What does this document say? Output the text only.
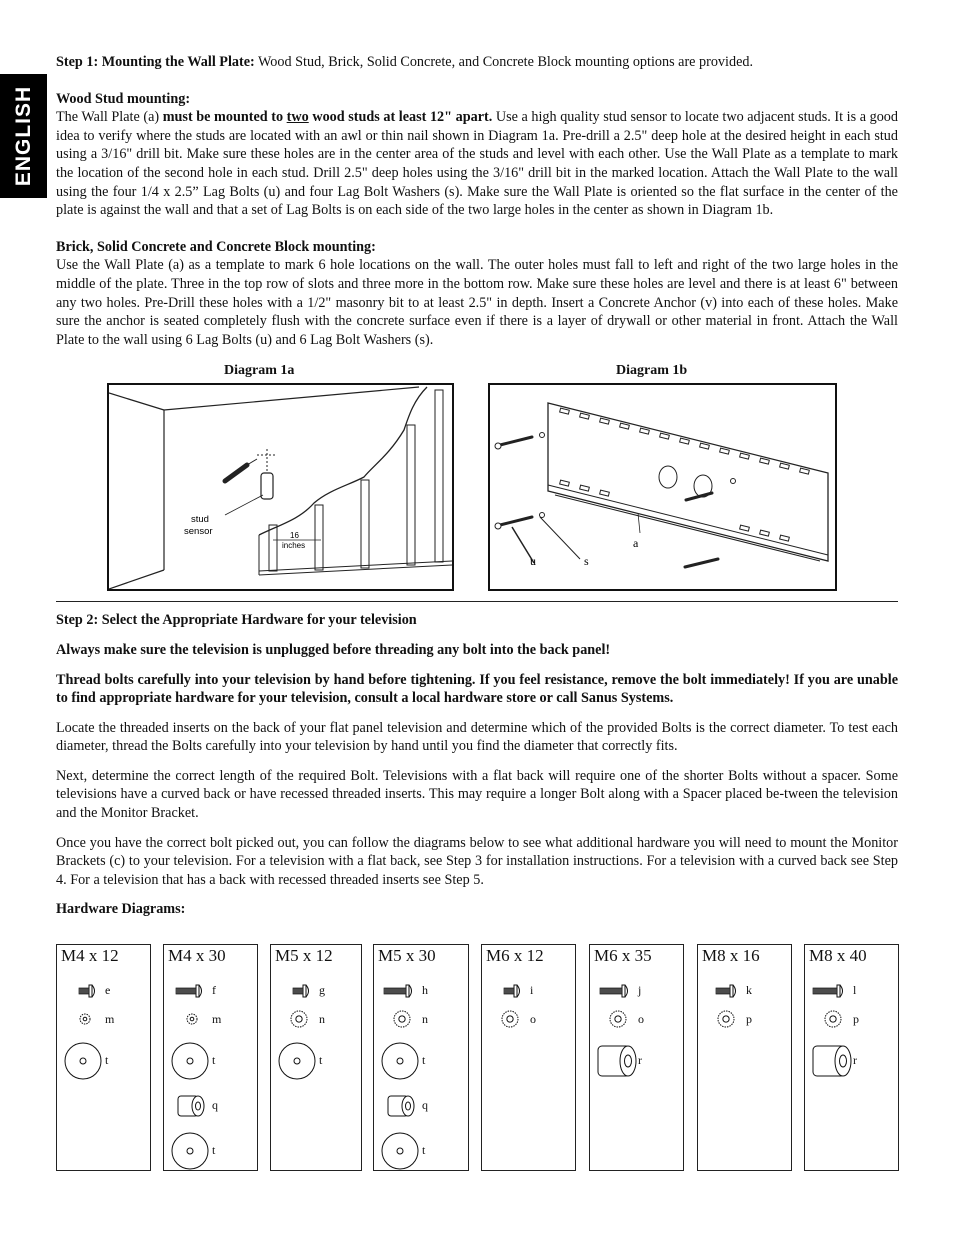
ENGLISH

Step 1: Mounting the Wall Plate: Wood Stud, Brick, Solid Concrete, and Concrete Block mounting options are provided.

Wood Stud mounting:

The Wall Plate (a) must be mounted to two wood studs at least 12" apart. Use a high quality stud sensor to locate two adjacent studs. It is a good idea to verify where the studs are located with an awl or thin nail shown in Diagram 1a. Pre-drill a 2.5" deep hole at the desired height in each stud using a 3/16" drill bit. Make sure these holes are in the center area of the studs and level with each other. Use the Wall Plate as a template to mark the location of the second hole in each stud. Drill 2.5" deep holes using the 3/16" drill bit in the marked location. Attach the Wall Plate to the wall using the four 1/4 x 2.5” Lag Bolts (u) and four Lag Bolt Washers (s). Make sure the Wall Plate is oriented so the flat surface in the center of the plate is against the wall and that a set of Lag Bolts is on each side of the two large holes in the center as shown in Diagram 1b.

Brick, Solid Concrete and Concrete Block mounting:

Use the Wall Plate (a) as a template to mark 6 hole locations on the wall. The outer holes must fall to left and right of the two large holes in the middle of the plate. Three in the top row of slots and three more in the bottom row. Make sure these holes are level and there is at least 6" between any two holes. Pre-Drill these holes with a 1/2" masonry bit to at least 2.5" in depth. Insert a Concrete Anchor (v) into each of these holes. Make sure the anchor is seated completely flush with the concrete surface even if there is a layer of drywall or other material in front. Attach the Wall Plate to the wall using 6 Lag Bolts (u) and 6 Lag Bolt Washers (s).

Diagram 1a	Diagram 1b
stud
sensor	16
inches
u	s
a

Step 2: Select the Appropriate Hardware for your television

Always make sure the television is unplugged before threading any bolt into the back panel!

Thread bolts carefully into your television by hand before tightening. If you feel resistance, remove the bolt immediately! If you are unable to find appropriate hardware for your television, consult a local hardware store or call Sanus Systems.

Locate the threaded inserts on the back of your flat panel television and determine which of the provided Bolts is the correct diameter. To test each diameter, thread the Bolts carefully into your television by hand until you find the diameter that correctly fits.

Next, determine the correct length of the required Bolt. Televisions with a flat back will require one of the shorter Bolts without a spacer. Some televisions have a curved back or have recessed threaded inserts. This may require a longer Bolt along with a Spacer placed be-tween the television and the Monitor Bracket.

Once you have the correct bolt picked out, you can follow the diagrams below to see what additional hardware you will need to mount the Monitor Brackets (c) to your television. For a television with a flat back, see Step 3 for installation instructions. For a television with a curved back see Step 4. For a television that has a back with recessed threaded inserts see Step 5.

Hardware Diagrams:

M4 x 12
e
m
t
M4 x 30
f
m
t
q
t
M5 x 12
g
n
t
M5 x 30
h
n
t
q
t
M6 x 12
i
o
M6 x 35
j
o
r
M8 x 16
k
p
M8 x 40
l
p
r
